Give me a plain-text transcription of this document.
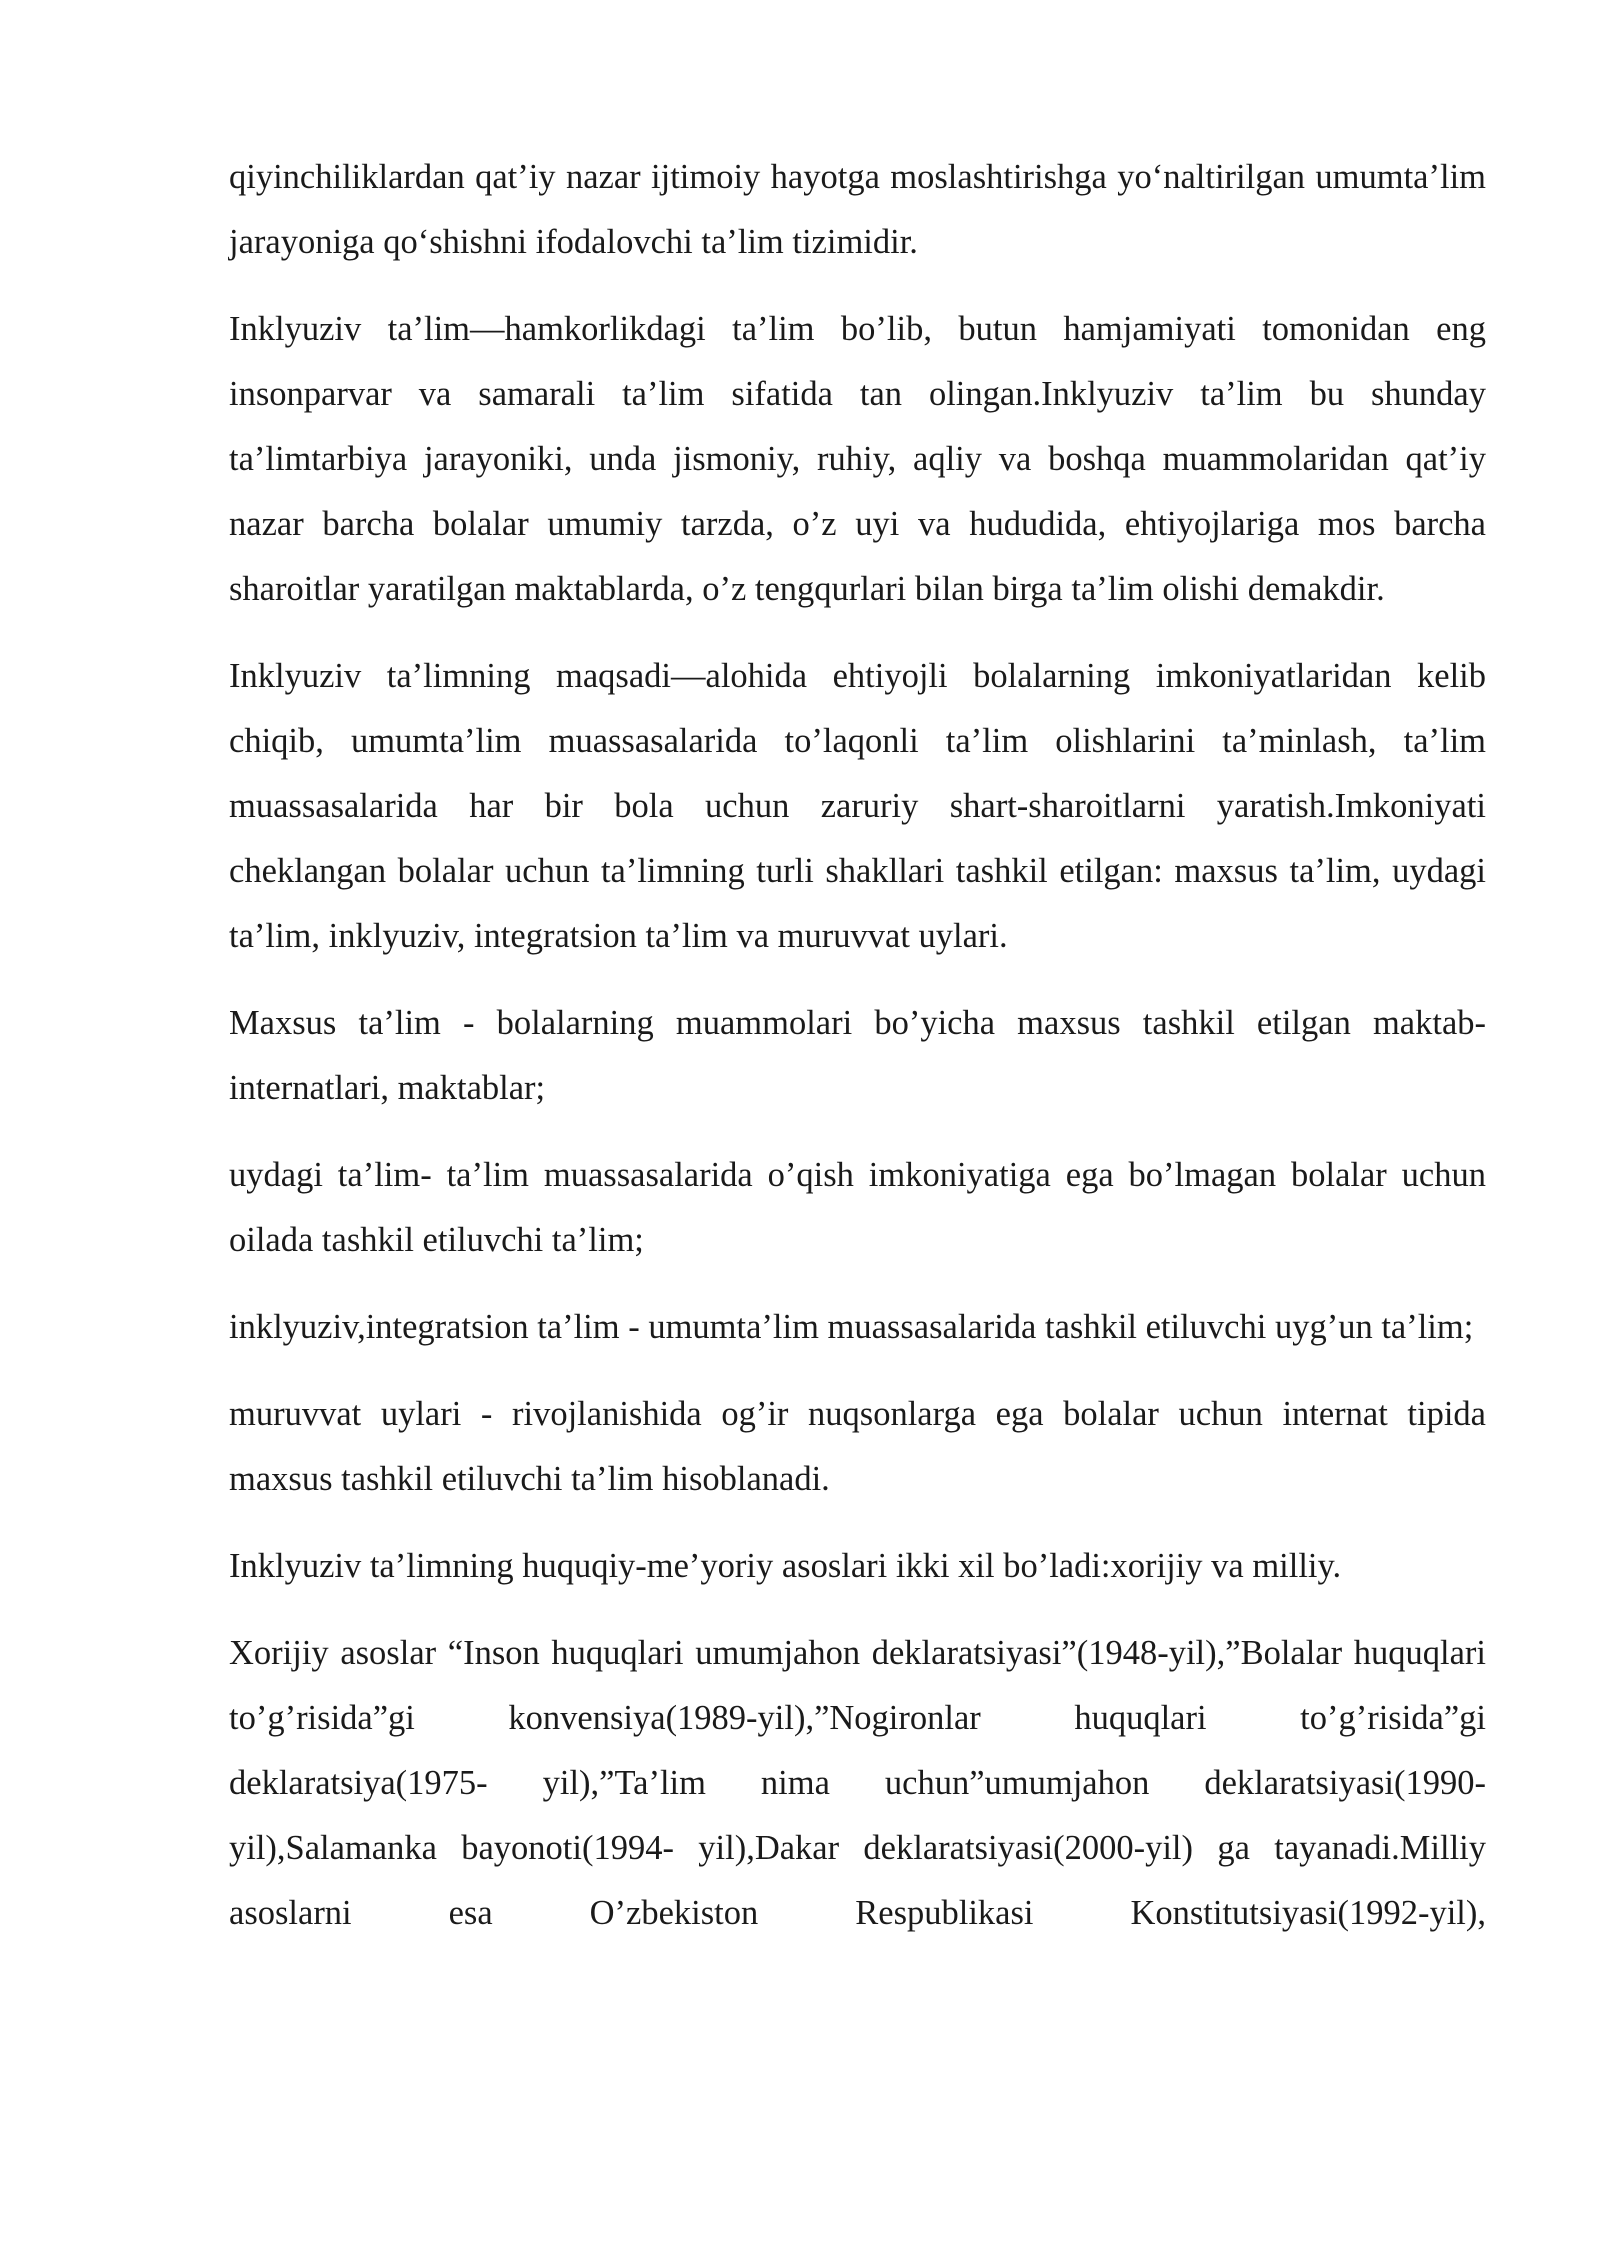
qiyinchiliklardan qat’iy nazar ijtimoiy hayotga moslashtirishga yo‘naltirilgan umumta’lim jarayoniga qo‘shishni ifodalovchi ta’lim tizimidir.

Inklyuziv ta’lim—hamkorlikdagi ta’lim bo’lib, butun hamjamiyati tomonidan eng insonparvar va samarali ta’lim sifatida tan olingan.Inklyuziv ta’lim bu shunday ta’limtarbiya jarayoniki, unda jismoniy, ruhiy, aqliy va boshqa muammolaridan qat’iy nazar barcha bolalar umumiy tarzda, o’z uyi va hududida, ehtiyojlariga mos barcha sharoitlar yaratilgan maktablarda, o’z tengqurlari bilan birga ta’lim olishi demakdir.

Inklyuziv ta’limning maqsadi—alohida ehtiyojli bolalarning imkoniyatlaridan kelib chiqib, umumta’lim muassasalarida to’laqonli ta’lim olishlarini ta’minlash, ta’lim muassasalarida har bir bola uchun zaruriy shart-sharoitlarni yaratish.Imkoniyati cheklangan bolalar uchun ta’limning turli shakllari tashkil etilgan: maxsus ta’lim, uydagi ta’lim, inklyuziv, integratsion ta’lim va muruvvat uylari.

Maxsus ta’lim - bolalarning muammolari bo’yicha maxsus tashkil etilgan maktab-internatlari, maktablar;

uydagi ta’lim- ta’lim muassasalarida o’qish imkoniyatiga ega bo’lmagan bolalar uchun oilada tashkil etiluvchi ta’lim;

inklyuziv,integratsion ta’lim - umumta’lim muassasalarida tashkil etiluvchi uyg’un ta’lim;

muruvvat uylari - rivojlanishida og’ir nuqsonlarga ega bolalar uchun internat tipida maxsus tashkil etiluvchi ta’lim hisoblanadi.

Inklyuziv ta’limning huquqiy-me’yoriy asoslari ikki xil bo’ladi:xorijiy va milliy.

Xorijiy asoslar “Inson huquqlari umumjahon deklaratsiyasi”(1948-yil),”Bolalar huquqlari to’g’risida”gi konvensiya(1989-yil),”Nogironlar huquqlari to’g’risida”gi deklaratsiya(1975- yil),”Ta’lim nima uchun”umumjahon deklaratsiyasi(1990-yil),Salamanka bayonoti(1994- yil),Dakar deklaratsiyasi(2000-yil) ga tayanadi.Milliy asoslarni esa O’zbekiston Respublikasi Konstitutsiyasi(1992-yil),
